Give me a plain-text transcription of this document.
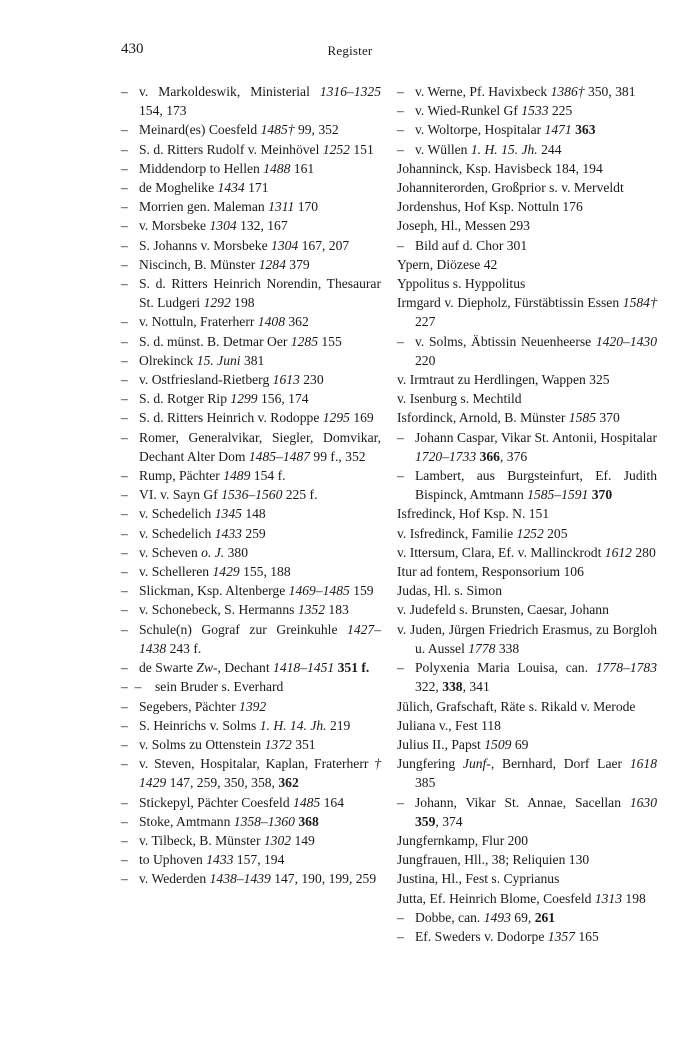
430	Register

– v. Markoldeswik, Ministerial 1316–1325 154, 173

– Meinard(es) Coesfeld 1485† 99, 352

– S. d. Ritters Rudolf v. Meinhövel 1252 151

– Middendorp to Hellen 1488 161

– de Moghelike 1434 171

– Morrien gen. Maleman 1311 170

– v. Morsbeke 1304 132, 167

– S. Johanns v. Morsbeke 1304 167, 207

– Niscinch, B. Münster 1284 379

– S. d. Ritters Heinrich Norendin, Thesaurar St. Ludgeri 1292 198

– v. Nottuln, Fraterherr 1408 362

– S. d. münst. B. Detmar Oer 1285 155

– Olrekinck 15. Juni 381

– v. Ostfriesland-Rietberg 1613 230

– S. d. Rotger Rip 1299 156, 174

– S. d. Ritters Heinrich v. Rodoppe 1295 169

– Romer, Generalvikar, Siegler, Domvikar, Dechant Alter Dom 1485–1487 99 f., 352

– Rump, Pächter 1489 154 f.

– VI. v. Sayn Gf 1536–1560 225 f.

– v. Schedelich 1345 148

– v. Schedelich 1433 259

– v. Scheven o. J. 380

– v. Schelleren 1429 155, 188

– Slickman, Ksp. Altenberge 1469–1485 159

– v. Schonebeck, S. Hermanns 1352 183

– Schule(n) Gograf zur Greinkuhle 1427–1438 243 f.

– de Swarte Zw-, Dechant 1418–1451 351 f.

–  – sein Bruder s. Everhard

– Segebers, Pächter 1392

– S. Heinrichs v. Solms 1. H. 14. Jh. 219

– v. Solms zu Ottenstein 1372 351

– v. Steven, Hospitalar, Kaplan, Fraterherr † 1429 147, 259, 350, 358, 362

– Stickepyl, Pächter Coesfeld 1485 164

– Stoke, Amtmann 1358–1360 368

– v. Tilbeck, B. Münster 1302 149

– to Uphoven 1433 157, 194

– v. Wederden 1438–1439 147, 190, 199, 259

– v. Werne, Pf. Havixbeck 1386† 350, 381

– v. Wied-Runkel Gf 1533 225

– v. Woltorpe, Hospitalar 1471 363

– v. Wüllen 1. H. 15. Jh. 244

Johanninck, Ksp. Havisbeck 184, 194

Johanniterorden, Großprior s. v. Merveldt

Jordenshus, Hof Ksp. Nottuln 176

Joseph, Hl., Messen 293

– Bild auf d. Chor 301

Ypern, Diözese 42

Yppolitus s. Hyppolitus

Irmgard v. Diepholz, Fürstäbtissin Essen 1584† 227

– v. Solms, Äbtissin Neuenheerse 1420–1430 220

v. Irmtraut zu Herdlingen, Wappen 325

v. Isenburg s. Mechtild

Isfordinck, Arnold, B. Münster 1585 370

– Johann Caspar, Vikar St. Antonii, Hospitalar 1720–1733 366, 376

– Lambert, aus Burgsteinfurt, Ef. Judith Bispinck, Amtmann 1585–1591 370

Isfredinck, Hof Ksp. N. 151

v. Isfredinck, Familie 1252 205

v. Ittersum, Clara, Ef. v. Mallinckrodt 1612 280

Itur ad fontem, Responsorium 106

Judas, Hl. s. Simon

v. Judefeld s. Brunsten, Caesar, Johann

v. Juden, Jürgen Friedrich Erasmus, zu Borgloh u. Aussel 1778 338

– Polyxenia Maria Louisa, can. 1778–1783 322, 338, 341

Jülich, Grafschaft, Räte s. Rikald v. Merode

Juliana v., Fest 118

Julius II., Papst 1509 69

Jungfering Junf-, Bernhard, Dorf Laer 1618 385

– Johann, Vikar St. Annae, Sacellan 1630 359, 374

Jungfernkamp, Flur 200

Jungfrauen, Hll., 38; Reliquien 130

Justina, Hl., Fest s. Cyprianus

Jutta, Ef. Heinrich Blome, Coesfeld 1313 198

– Dobbe, can. 1493 69, 261

– Ef. Sweders v. Dodorpe 1357 165
